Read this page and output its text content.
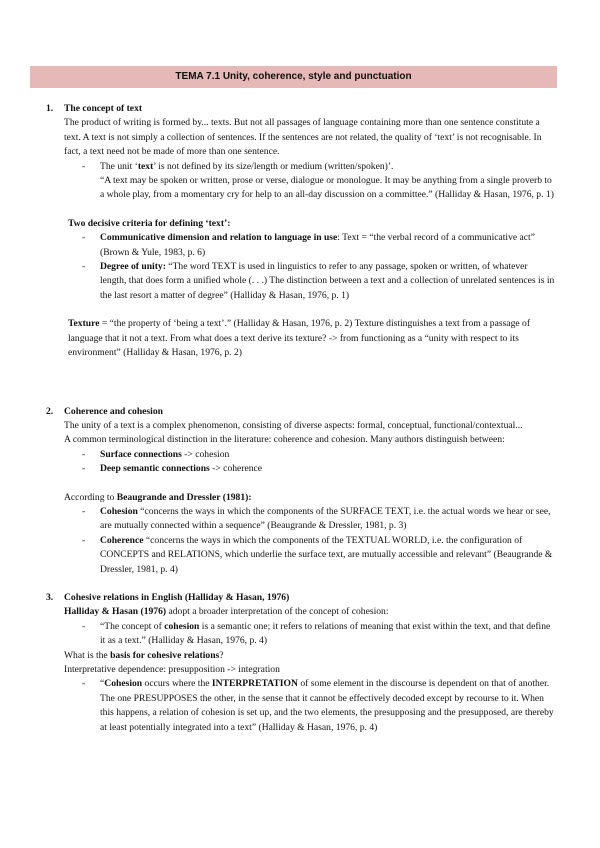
TEMA 7.1 Unity, coherence, style and punctuation
1. The concept of text
The product of writing is formed by... texts. But not all passages of language containing more than one sentence constitute a text. A text is not simply a collection of sentences. If the sentences are not related, the quality of ‘text’ is not recognisable. In fact, a text need not be made of more than one sentence.
- The unit ‘text’ is not defined by its size/length or medium (written/spoken)’.
“A text may be spoken or written, prose or verse, dialogue or monologue. It may be anything from a single proverb to a whole play, from a momentary cry for help to an all-day discussion on a committee.” (Halliday & Hasan, 1976, p. 1)
Two decisive criteria for defining ‘text’:
- Communicative dimension and relation to language in use: Text = “the verbal record of a communicative act” (Brown & Yule, 1983, p. 6)
- Degree of unity: “The word TEXT is used in linguistics to refer to any passage, spoken or written, of whatever length, that does form a unified whole (. . .) The distinction between a text and a collection of unrelated sentences is in the last resort a matter of degree” (Halliday & Hasan, 1976, p. 1)
Texture = “the property of ‘being a text’.” (Halliday & Hasan, 1976, p. 2) Texture distinguishes a text from a passage of language that it not a text. From what does a text derive its texture? -> from functioning as a “unity with respect to its environment” (Halliday & Hasan, 1976, p. 2)
2. Coherence and cohesion
The unity of a text is a complex phenomenon, consisting of diverse aspects: formal, conceptual, functional/contextual...
A common terminological distinction in the literature: coherence and cohesion. Many authors distinguish between:
- Surface connections -> cohesion
- Deep semantic connections -> coherence
According to Beaugrande and Dressler (1981):
- Cohesion “concerns the ways in which the components of the SURFACE TEXT, i.e. the actual words we hear or see, are mutually connected within a sequence” (Beaugrande & Dressler, 1981, p. 3)
- Coherence “concerns the ways in which the components of the TEXTUAL WORLD, i.e. the configuration of CONCEPTS and RELATIONS, which underlie the surface text, are mutually accessible and relevant” (Beaugrande & Dressler, 1981, p. 4)
3. Cohesive relations in English (Halliday & Hasan, 1976)
Halliday & Hasan (1976) adopt a broader interpretation of the concept of cohesion:
- “The concept of cohesion is a semantic one; it refers to relations of meaning that exist within the text, and that define it as a text.” (Halliday & Hasan, 1976, p. 4)
What is the basis for cohesive relations?
Interpretative dependence: presupposition -> integration
- “Cohesion occurs where the INTERPRETATION of some element in the discourse is dependent on that of another. The one PRESUPPOSES the other, in the sense that it cannot be effectively decoded except by recourse to it. When this happens, a relation of cohesion is set up, and the two elements, the presupposing and the presupposed, are thereby at least potentially integrated into a text” (Halliday & Hasan, 1976, p. 4)
